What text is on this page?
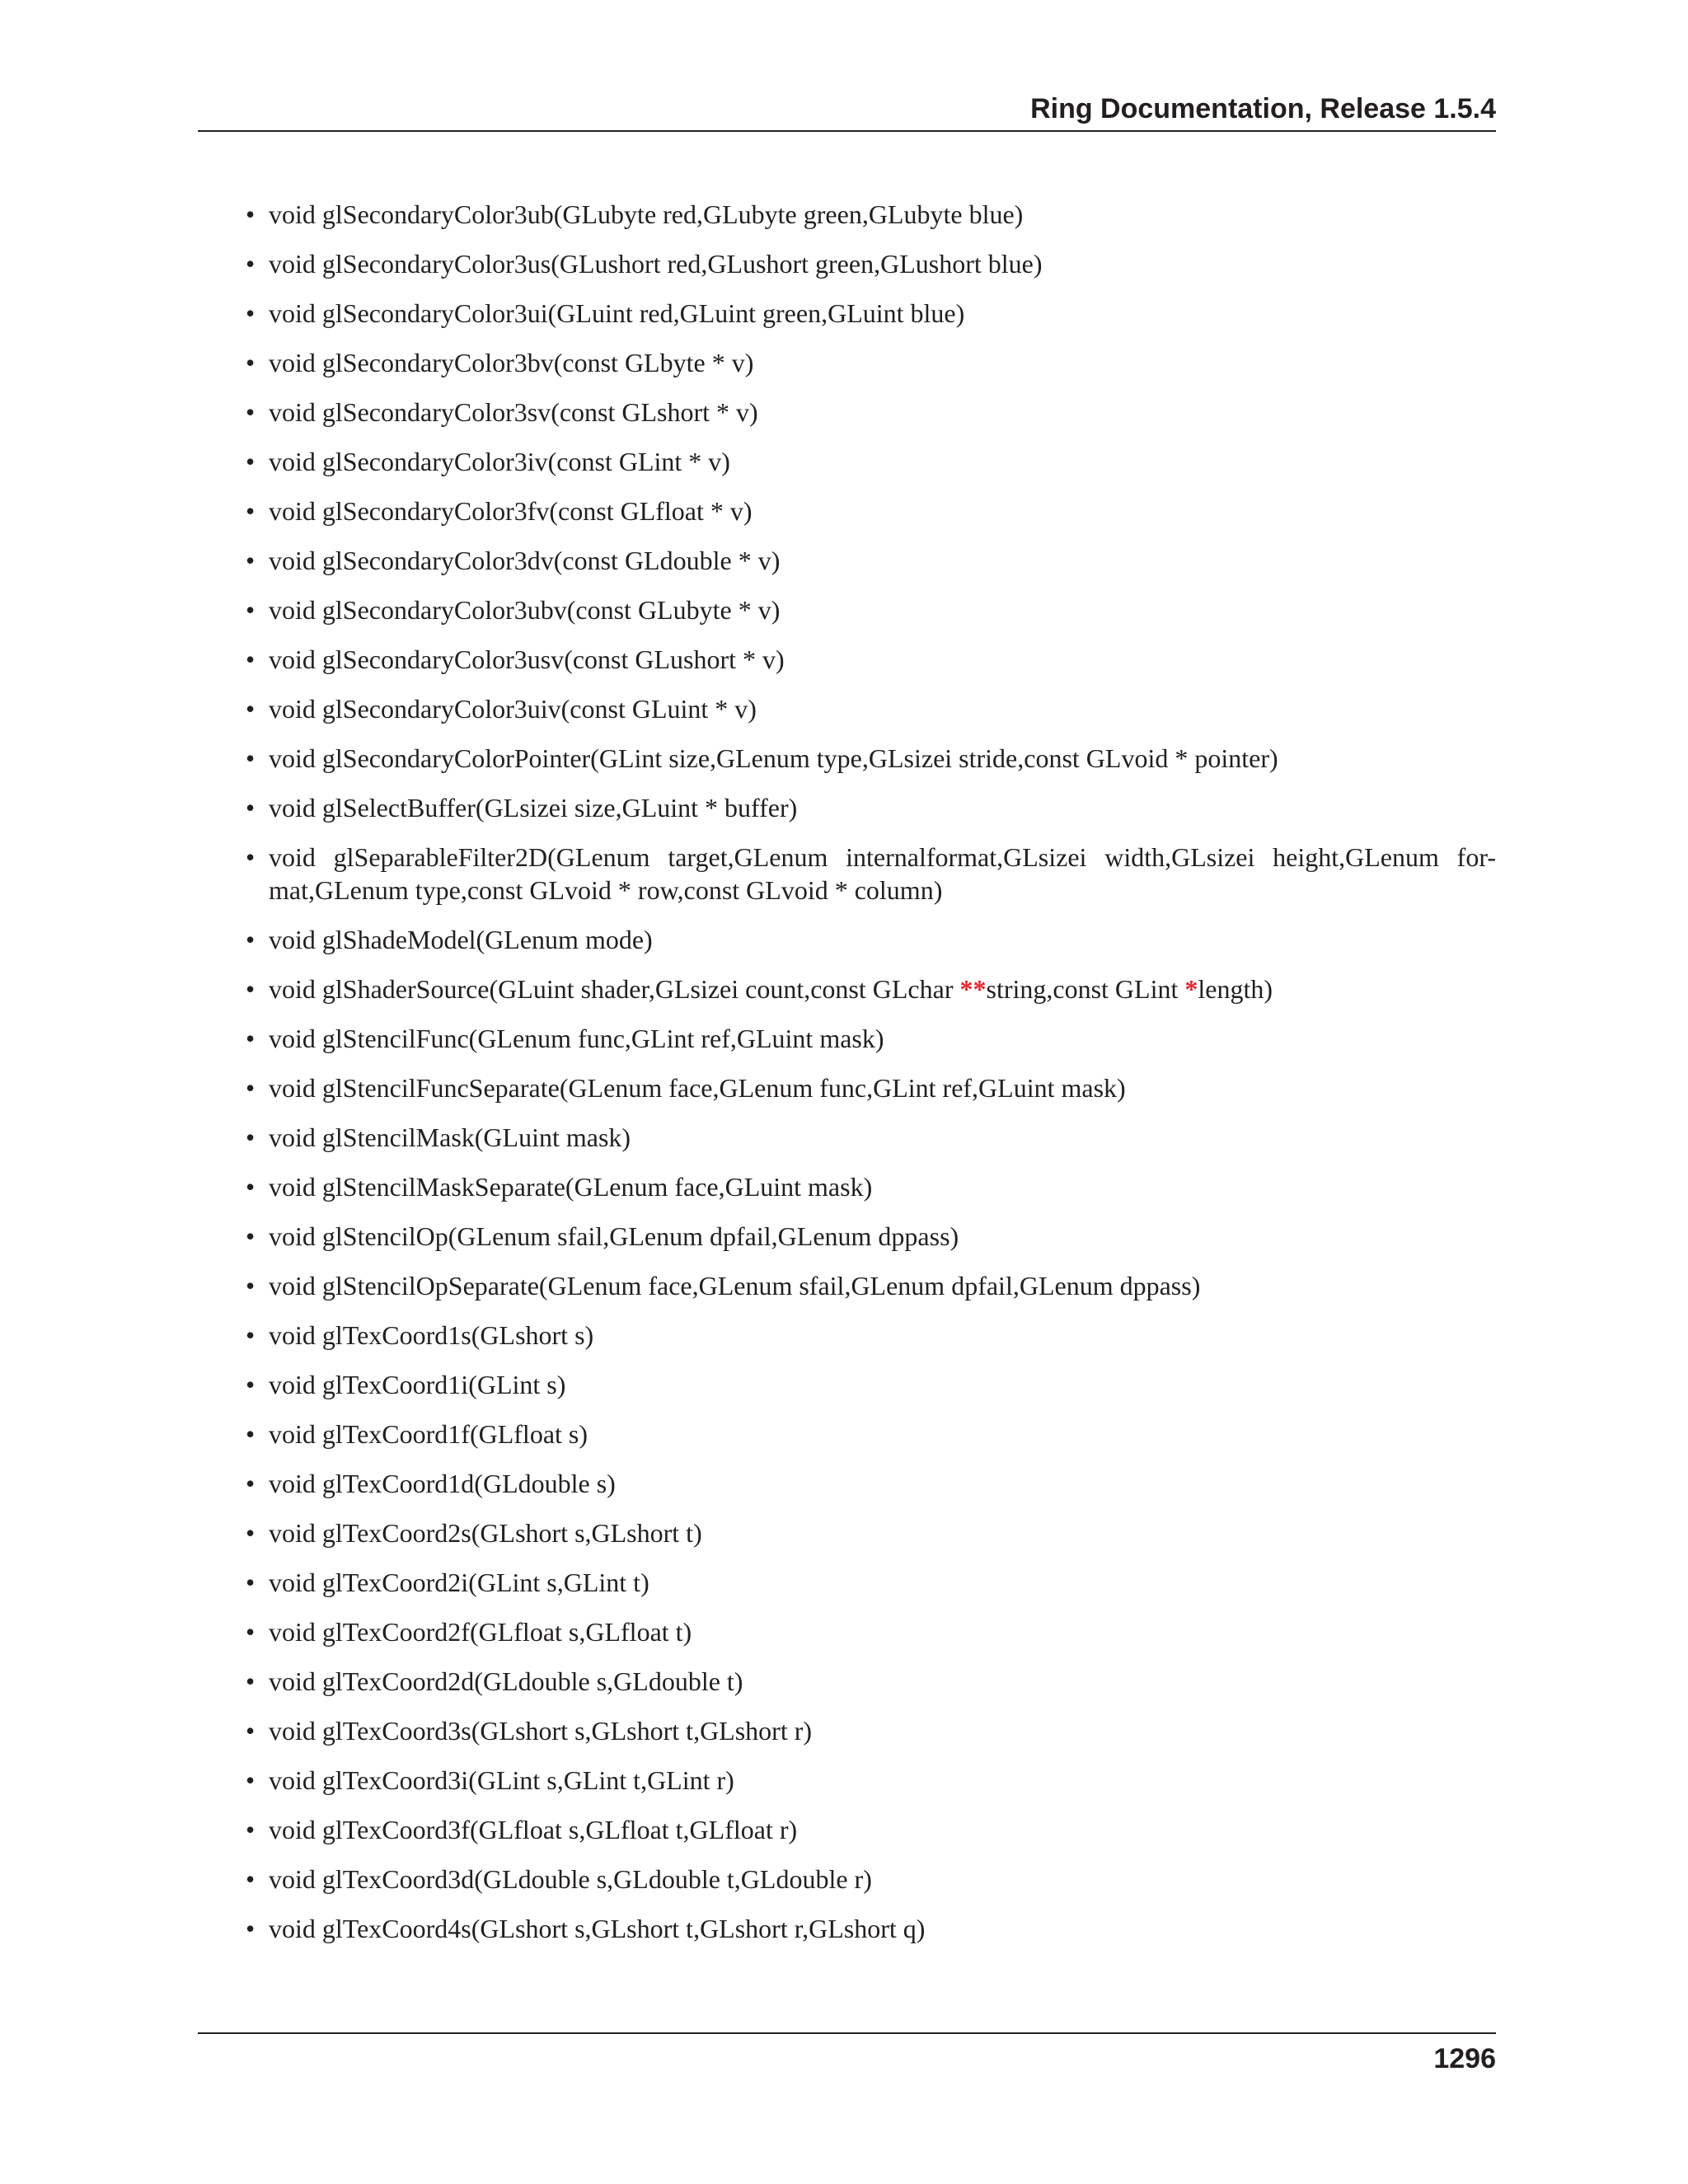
Ring Documentation, Release 1.5.4
• void glSecondaryColor3ub(GLubyte red,GLubyte green,GLubyte blue)
• void glSecondaryColor3us(GLushort red,GLushort green,GLushort blue)
• void glSecondaryColor3ui(GLuint red,GLuint green,GLuint blue)
• void glSecondaryColor3bv(const GLbyte * v)
• void glSecondaryColor3sv(const GLshort * v)
• void glSecondaryColor3iv(const GLint * v)
• void glSecondaryColor3fv(const GLfloat * v)
• void glSecondaryColor3dv(const GLdouble * v)
• void glSecondaryColor3ubv(const GLubyte * v)
• void glSecondaryColor3usv(const GLushort * v)
• void glSecondaryColor3uiv(const GLuint * v)
• void glSecondaryColorPointer(GLint size,GLenum type,GLsizei stride,const GLvoid * pointer)
• void glSelectBuffer(GLsizei size,GLuint * buffer)
• void glSeparableFilter2D(GLenum target,GLenum internalformat,GLsizei width,GLsizei height,GLenum for-mat,GLenum type,const GLvoid * row,const GLvoid * column)
• void glShadeModel(GLenum mode)
• void glShaderSource(GLuint shader,GLsizei count,const GLchar **string,const GLint *length)
• void glStencilFunc(GLenum func,GLint ref,GLuint mask)
• void glStencilFuncSeparate(GLenum face,GLenum func,GLint ref,GLuint mask)
• void glStencilMask(GLuint mask)
• void glStencilMaskSeparate(GLenum face,GLuint mask)
• void glStencilOp(GLenum sfail,GLenum dpfail,GLenum dppass)
• void glStencilOpSeparate(GLenum face,GLenum sfail,GLenum dpfail,GLenum dppass)
• void glTexCoord1s(GLshort s)
• void glTexCoord1i(GLint s)
• void glTexCoord1f(GLfloat s)
• void glTexCoord1d(GLdouble s)
• void glTexCoord2s(GLshort s,GLshort t)
• void glTexCoord2i(GLint s,GLint t)
• void glTexCoord2f(GLfloat s,GLfloat t)
• void glTexCoord2d(GLdouble s,GLdouble t)
• void glTexCoord3s(GLshort s,GLshort t,GLshort r)
• void glTexCoord3i(GLint s,GLint t,GLint r)
• void glTexCoord3f(GLfloat s,GLfloat t,GLfloat r)
• void glTexCoord3d(GLdouble s,GLdouble t,GLdouble r)
• void glTexCoord4s(GLshort s,GLshort t,GLshort r,GLshort q)
1296
